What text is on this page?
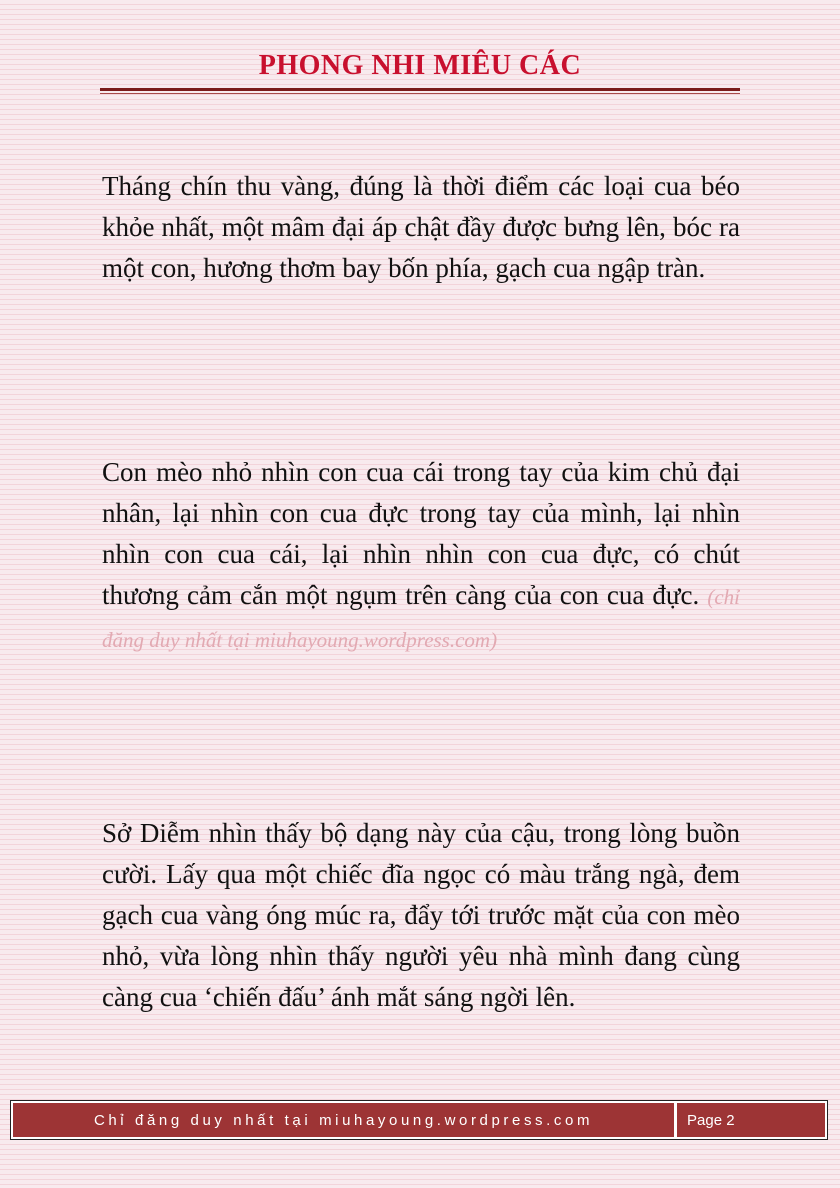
PHONG NHI MIÊU CÁC
Tháng chín thu vàng, đúng là thời điểm các loại cua béo khỏe nhất, một mâm đại áp chật đầy được bưng lên, bóc ra một con, hương thơm bay bốn phía, gạch cua ngập tràn.
Con mèo nhỏ nhìn con cua cái trong tay của kim chủ đại nhân, lại nhìn con cua đực trong tay của mình, lại nhìn nhìn con cua cái, lại nhìn nhìn con cua đực, có chút thương cảm cắn một ngụm trên càng của con cua đực. (chỉ đăng duy nhất tại miuhayoung.wordpress.com)
Sở Diễm nhìn thấy bộ dạng này của cậu, trong lòng buồn cười. Lấy qua một chiếc đĩa ngọc có màu trắng ngà, đem gạch cua vàng óng múc ra, đẩy tới trước mặt của con mèo nhỏ, vừa lòng nhìn thấy người yêu nhà mình đang cùng càng cua ‘chiến đấu’ ánh mắt sáng ngời lên.
Chỉ đăng duy nhất tại miuhayoung.wordpress.com	Page 2
